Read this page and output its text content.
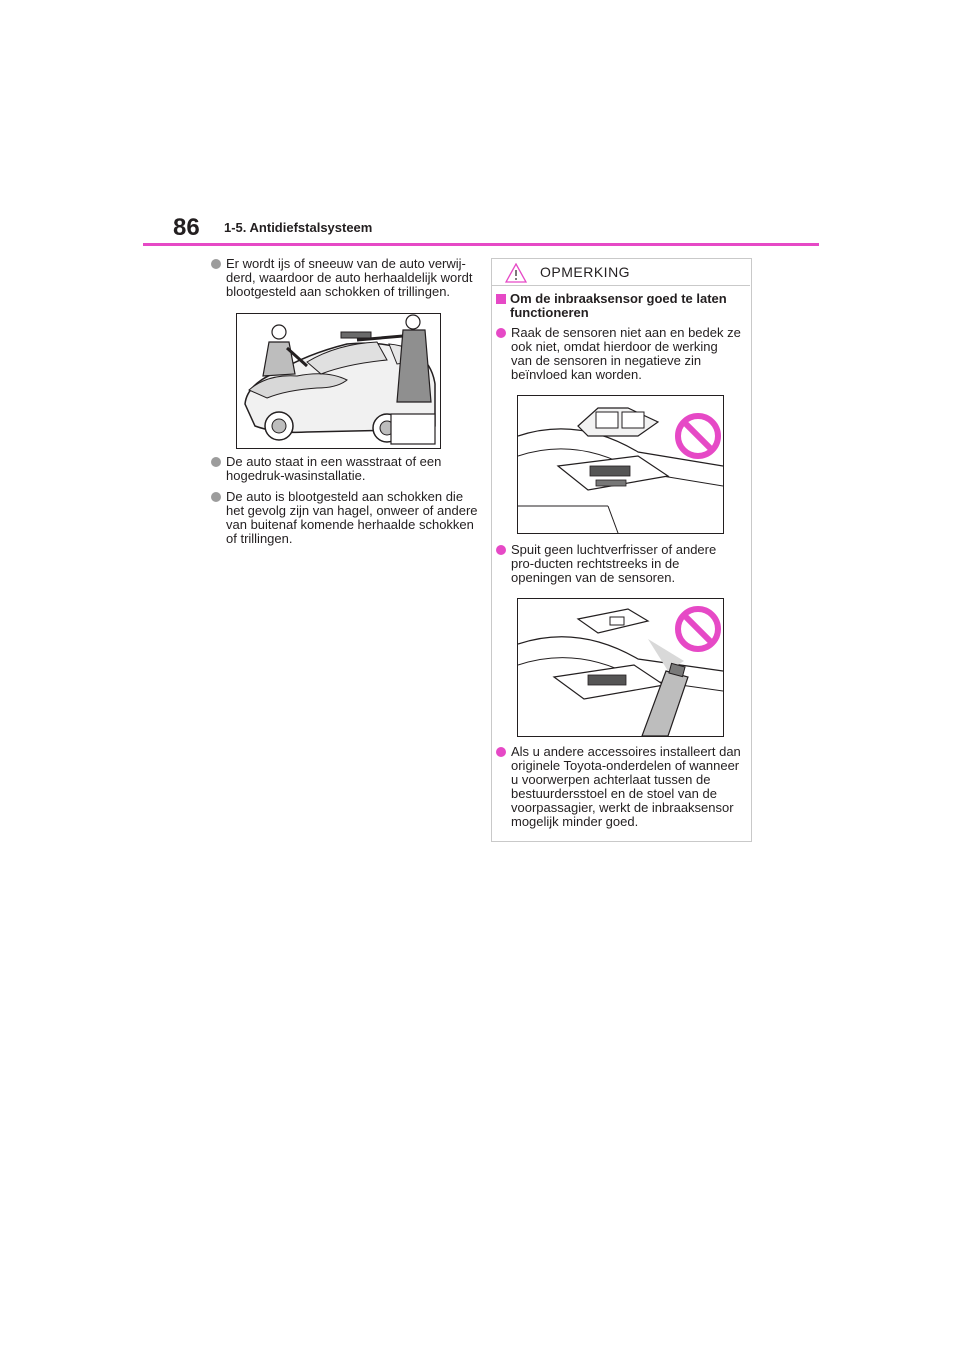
86 1-5. Antidiefstalsysteem
Er wordt ijs of sneeuw van de auto verwij-derd, waardoor de auto herhaaldelijk wordt blootgesteld aan schokken of trillingen.
De auto staat in een wasstraat of een hogedruk-wasinstallatie.
De auto is blootgesteld aan schokken die het gevolg zijn van hagel, onweer of andere van buitenaf komende herhaalde schokken of trillingen.
OPMERKING
Om de inbraaksensor goed te laten functioneren
Raak de sensoren niet aan en bedek ze ook niet, omdat hierdoor de werking van de sensoren in negatieve zin beïnvloed kan worden.
Spuit geen luchtverfrisser of andere pro-ducten rechtstreeks in de openingen van de sensoren.
Als u andere accessoires installeert dan originele Toyota-onderdelen of wanneer u voorwerpen achterlaat tussen de bestuurdersstoel en de stoel van de voorpassagier, werkt de inbraaksensor mogelijk minder goed.
